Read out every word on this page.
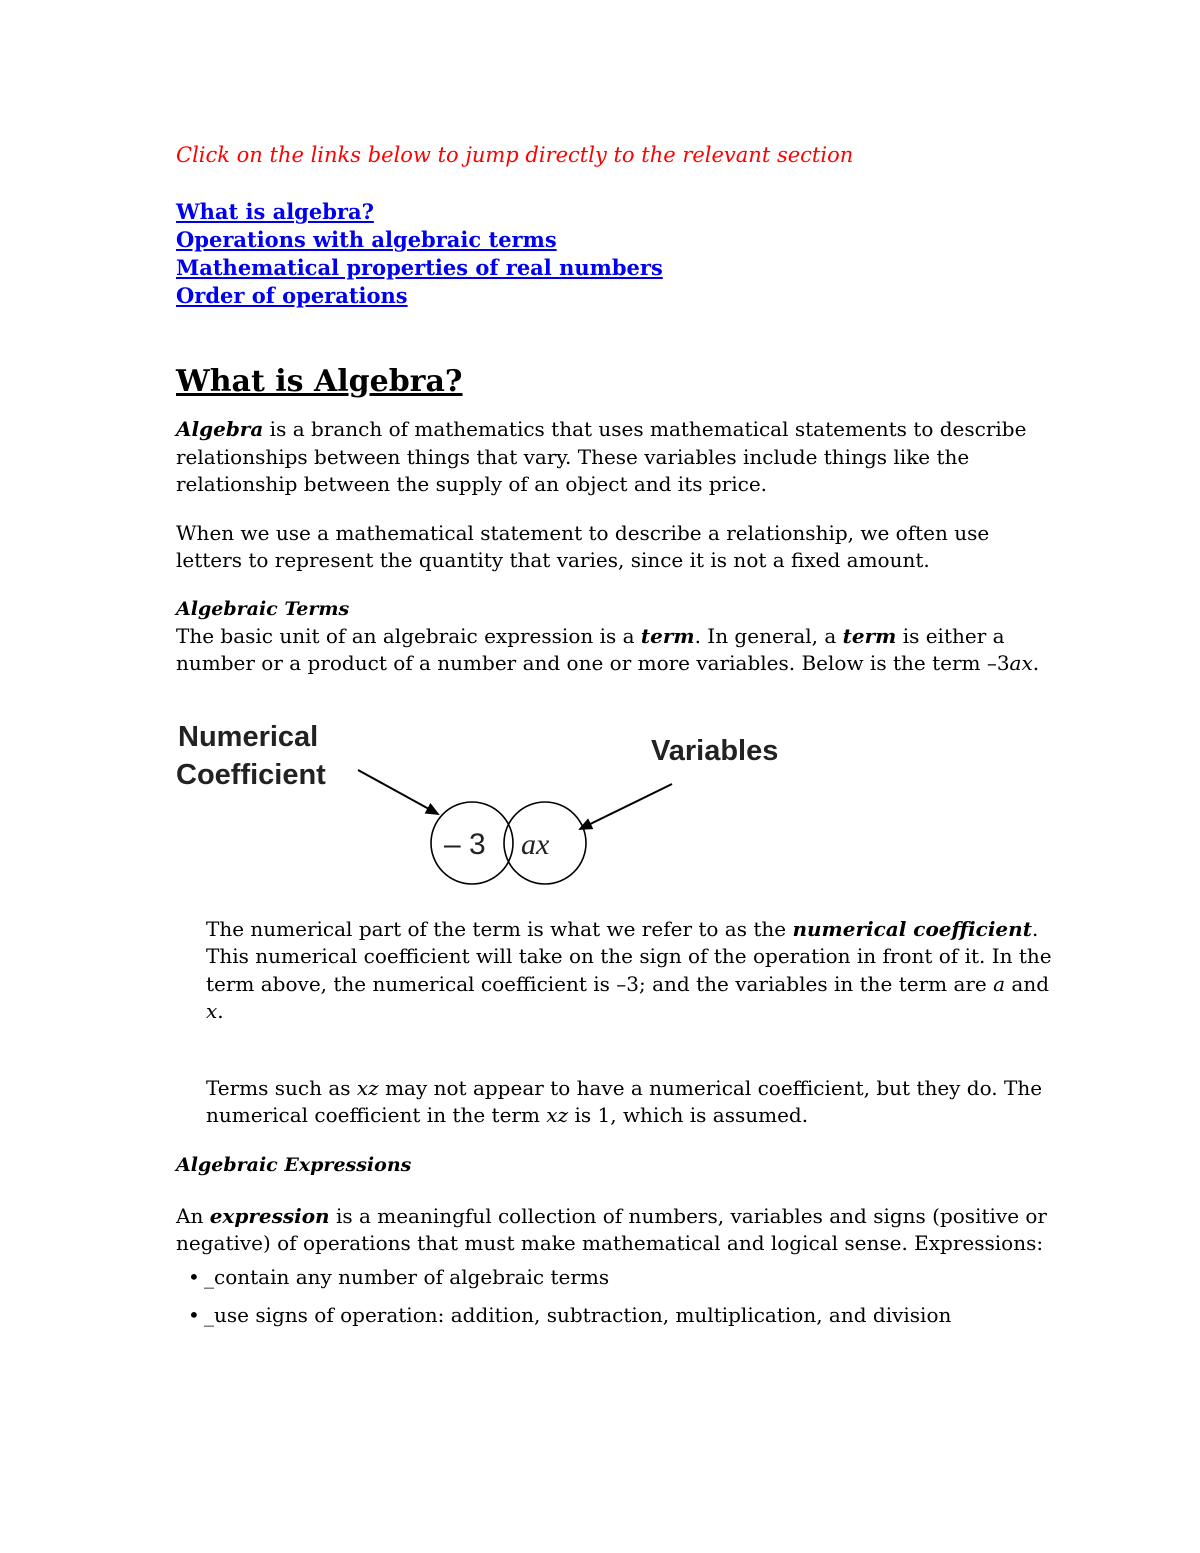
Click on the links below to jump directly to the relevant section

What is algebra?
Operations with algebraic terms
Mathematical properties of real numbers
Order of operations
What is Algebra?

Algebra is a branch of mathematics that uses mathematical statements to describe relationships between things that vary. These variables include things like the relationship between the supply of an object and its price.

When we use a mathematical statement to describe a relationship, we often use letters to represent the quantity that varies, since it is not a fixed amount.

Algebraic Terms

The basic unit of an algebraic expression is a term. In general, a term is either a number or a product of a number and one or more variables. Below is the term –3ax.

Numerical
Coefficient
Variables
– 3 ax

The numerical part of the term is what we refer to as the numerical coefficient. This numerical coefficient will take on the sign of the operation in front of it. In the term above, the numerical coefficient is –3; and the variables in the term are a and x.

Terms such as xz may not appear to have a numerical coefficient, but they do. The numerical coefficient in the term xz is 1, which is assumed.

Algebraic Expressions

An expression is a meaningful collection of numbers, variables and signs (positive or negative) of operations that must make mathematical and logical sense. Expressions:

• _contain any number of algebraic terms
• _use signs of operation: addition, subtraction, multiplication, and division
